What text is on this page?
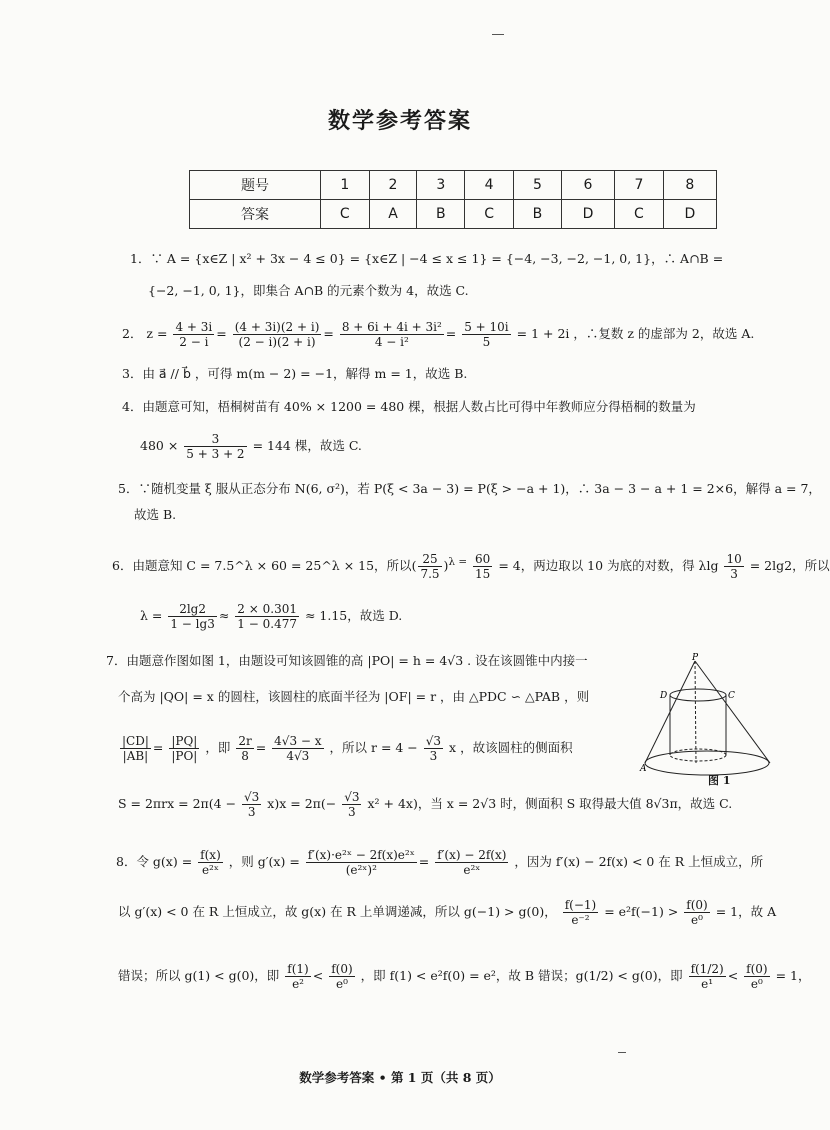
数学参考答案
题号	1	2	3	4	5	6	7	8
答案	C	A	B	C	B	D	C	D
1．∵ A = {x∈Z | x² + 3x − 4 ≤ 0} = {x∈Z | −4 ≤ x ≤ 1} = {−4, −3, −2, −1, 0, 1}，∴ A∩B =
{−2, −1, 0, 1}，即集合 A∩B 的元素个数为 4，故选 C.
2． $z = \frac{4 + 3i}{2 - i} = \frac{(4 + 3i)(2 + i)}{(2 - i)(2 + i)} = \frac{\text{8 + 6i + 4i + 3i²}}{\text{4 − i²}} = \frac{5 + 10i}{5} = 1 + 2i$ ，∴复数 z 的虚部为 2，故选 A.
3．由 a⃗ // b⃗ ，可得 m(m − 2) = −1，解得 m = 1，故选 B.
4．由题意可知，梧桐树苗有 40% × 1200 = 480 棵，根据人数占比可得中年教师应分得梧桐的数量为
$480 \times \frac{3}{5 + 3 + 2} = 144$ 棵，故选 C.
5．∵随机变量 ξ 服从正态分布 N(6, σ²)，若 P(ξ < 3a − 3) = P(ξ > −a + 1)，∴ 3a − 3 − a + 1 = 2×6，解得 a = 7，
故选 B.
6．由题意知 C = 7.5^λ × 60 = 25^λ × 15，所以( $\frac{25}{7.5} )^{\lambda =} \frac{60}{15} = 4$，两边取以 10 为底的对数，得 λlg $\frac{10}{3} = 2\lg 2$，所以
$\lambda = \frac{2\lg 2}{1 - \lg 3} \approx \frac{2 \times 0.301}{1 - 0.477} \approx 1.15$，故选 D.
7．由题意作图如图 1，由题设可知该圆锥的高 |PO| = h = 4√3 . 设在该圆锥中内接一
个高为 |QO| = x 的圆柱，该圆柱的底面半径为 |OF| = r ，由 △PDC ∽ △PAB ，则
$\frac{|CD|}{|AB|} = \frac{|PQ|}{|PO|}$ ，即 $\frac{2r}{8} = \frac{4√3 - x}{4√3}$ ，所以 $r = 4 - \frac{√3}{3}$ x ，故该圆柱的侧面积
$S = 2\pi rx = 2\pi(4 - \frac{√3}{3} x)x = 2\pi(- \frac{√3}{3} x^2 + 4x)$，当 x = 2√3 时，侧面积 S 取得最大值 8√3π，故选 C.
P
D	C
A
图 1
8．令 $g(x) = \frac{f(x)}{\text{e²ˣ}}$ ，则 $g'(x) = \frac{\text{f′(x)·e²ˣ − 2f(x)e²ˣ}}{\text{(e²ˣ)²}} = \frac{f'(x) - 2f(x)}{\text{e²ˣ}}$ ，因为 f′(x) − 2f(x) < 0 在 R 上恒成立，所
以 g′(x) < 0 在 R 上恒成立，故 g(x) 在 R 上单调递减，所以 g(−1) > g(0)， $\frac{f(-1)}{\text{e⁻²}} = e^2f(-1) > \frac{f(0)}{\text{e⁰}} = 1$，故 A
错误；所以 g(1) < g(0)，即 $\frac{f(1)}{\text{e²}} < \frac{f(0)}{\text{e⁰}}$ ，即 f(1) < e²f(0) = e²，故 B 错误；g(1/2) < g(0)，即 $\frac{f(1/2)}{\text{e¹}} < \frac{f(0)}{\text{e⁰}} = 1$，
数学参考答案 • 第 1 页（共 8 页）
